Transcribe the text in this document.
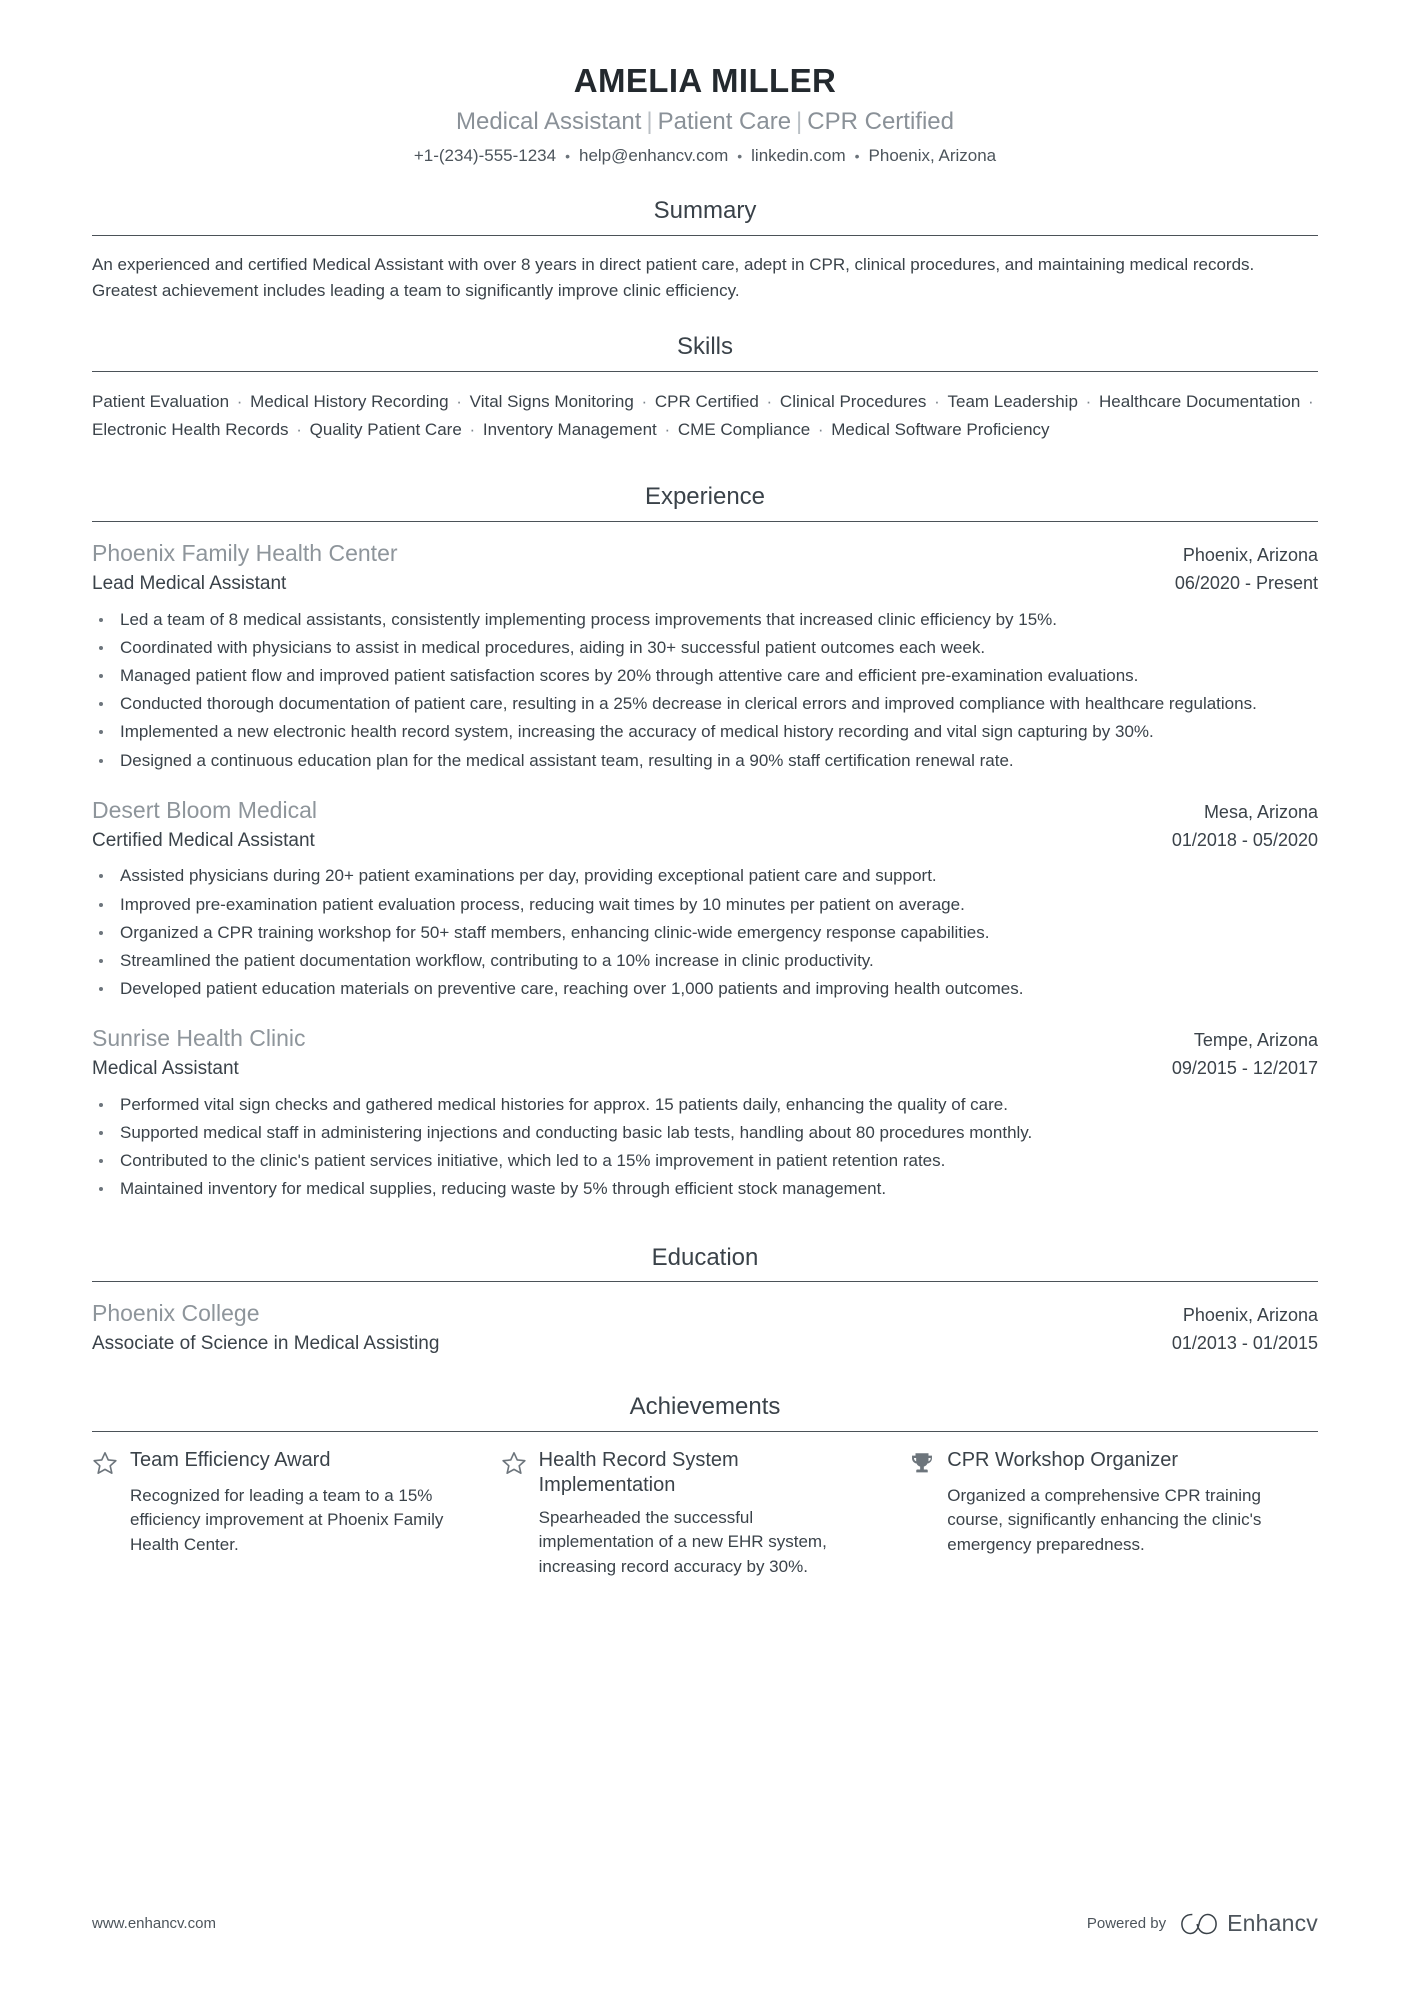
AMELIA MILLER
Medical Assistant | Patient Care | CPR Certified
+1-(234)-555-1234 • help@enhancv.com • linkedin.com • Phoenix, Arizona
Summary
An experienced and certified Medical Assistant with over 8 years in direct patient care, adept in CPR, clinical procedures, and maintaining medical records. Greatest achievement includes leading a team to significantly improve clinic efficiency.
Skills
Patient Evaluation · Medical History Recording · Vital Signs Monitoring · CPR Certified · Clinical Procedures · Team Leadership · Healthcare Documentation · Electronic Health Records · Quality Patient Care · Inventory Management · CME Compliance · Medical Software Proficiency
Experience
Phoenix Family Health Center	Phoenix, Arizona
Lead Medical Assistant	06/2020 - Present
Led a team of 8 medical assistants, consistently implementing process improvements that increased clinic efficiency by 15%.
Coordinated with physicians to assist in medical procedures, aiding in 30+ successful patient outcomes each week.
Managed patient flow and improved patient satisfaction scores by 20% through attentive care and efficient pre-examination evaluations.
Conducted thorough documentation of patient care, resulting in a 25% decrease in clerical errors and improved compliance with healthcare regulations.
Implemented a new electronic health record system, increasing the accuracy of medical history recording and vital sign capturing by 30%.
Designed a continuous education plan for the medical assistant team, resulting in a 90% staff certification renewal rate.
Desert Bloom Medical	Mesa, Arizona
Certified Medical Assistant	01/2018 - 05/2020
Assisted physicians during 20+ patient examinations per day, providing exceptional patient care and support.
Improved pre-examination patient evaluation process, reducing wait times by 10 minutes per patient on average.
Organized a CPR training workshop for 50+ staff members, enhancing clinic-wide emergency response capabilities.
Streamlined the patient documentation workflow, contributing to a 10% increase in clinic productivity.
Developed patient education materials on preventive care, reaching over 1,000 patients and improving health outcomes.
Sunrise Health Clinic	Tempe, Arizona
Medical Assistant	09/2015 - 12/2017
Performed vital sign checks and gathered medical histories for approx. 15 patients daily, enhancing the quality of care.
Supported medical staff in administering injections and conducting basic lab tests, handling about 80 procedures monthly.
Contributed to the clinic's patient services initiative, which led to a 15% improvement in patient retention rates.
Maintained inventory for medical supplies, reducing waste by 5% through efficient stock management.
Education
Phoenix College	Phoenix, Arizona
Associate of Science in Medical Assisting	01/2013 - 01/2015
Achievements
Team Efficiency Award
Recognized for leading a team to a 15% efficiency improvement at Phoenix Family Health Center.
Health Record System Implementation
Spearheaded the successful implementation of a new EHR system, increasing record accuracy by 30%.
CPR Workshop Organizer
Organized a comprehensive CPR training course, significantly enhancing the clinic's emergency preparedness.
www.enhancv.com	Powered by	Enhancv
